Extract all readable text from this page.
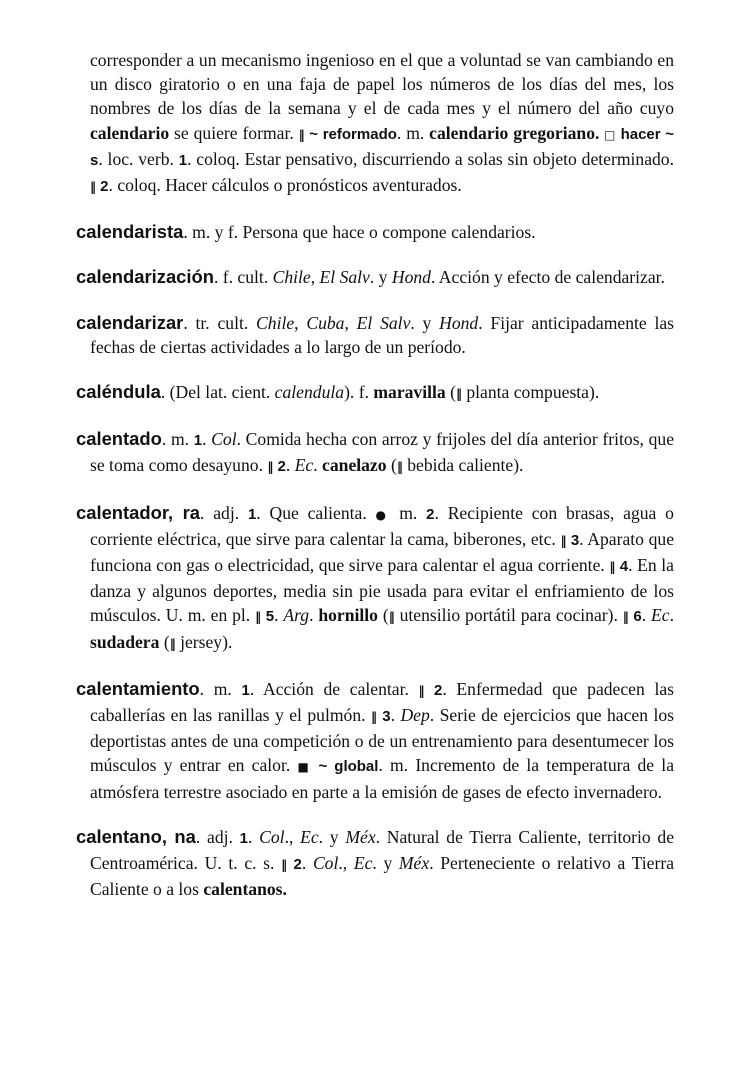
corresponder a un mecanismo ingenioso en el que a voluntad se van cambiando en un disco giratorio o en una faja de papel los números de los días del mes, los nombres de los días de la semana y el de cada mes y el número del año cuyo calendario se quiere formar. ‖ ~ reformado. m. calendario gregoriano. □ hacer ~ s. loc. verb. 1. coloq. Estar pensativo, discurriendo a solas sin objeto determinado. ‖ 2. coloq. Hacer cálculos o pronósticos aventurados.

calendarista. m. y f. Persona que hace o compone calendarios.

calendarización. f. cult. Chile, El Salv. y Hond. Acción y efecto de calendarizar.

calendarizar. tr. cult. Chile, Cuba, El Salv. y Hond. Fijar anticipadamente las fechas de ciertas actividades a lo largo de un período.

caléndula. (Del lat. cient. calendula). f. maravilla (‖ planta compuesta).

calentado. m. 1. Col. Comida hecha con arroz y frijoles del día anterior fritos, que se toma como desayuno. ‖ 2. Ec. canelazo (‖ bebida caliente).

calentador, ra. adj. 1. Que calienta. ● m. 2. Recipiente con brasas, agua o corriente eléctrica, que sirve para calentar la cama, biberones, etc. ‖ 3. Aparato que funciona con gas o electricidad, que sirve para calentar el agua corriente. ‖ 4. En la danza y algunos deportes, media sin pie usada para evitar el enfriamiento de los músculos. U. m. en pl. ‖ 5. Arg. hornillo (‖ utensilio portátil para cocinar). ‖ 6. Ec. sudadera (‖ jersey).

calentamiento. m. 1. Acción de calentar. ‖ 2. Enfermedad que padecen las caballerías en las ranillas y el pulmón. ‖ 3. Dep. Serie de ejercicios que hacen los deportistas antes de una competición o de un entrenamiento para desentumecer los músculos y entrar en calor. ■ ~ global. m. Incremento de la temperatura de la atmósfera terrestre asociado en parte a la emisión de gases de efecto invernadero.

calentano, na. adj. 1. Col., Ec. y Méx. Natural de Tierra Caliente, territorio de Centroamérica. U. t. c. s. ‖ 2. Col., Ec. y Méx. Perteneciente o relativo a Tierra Caliente o a los calentanos.
